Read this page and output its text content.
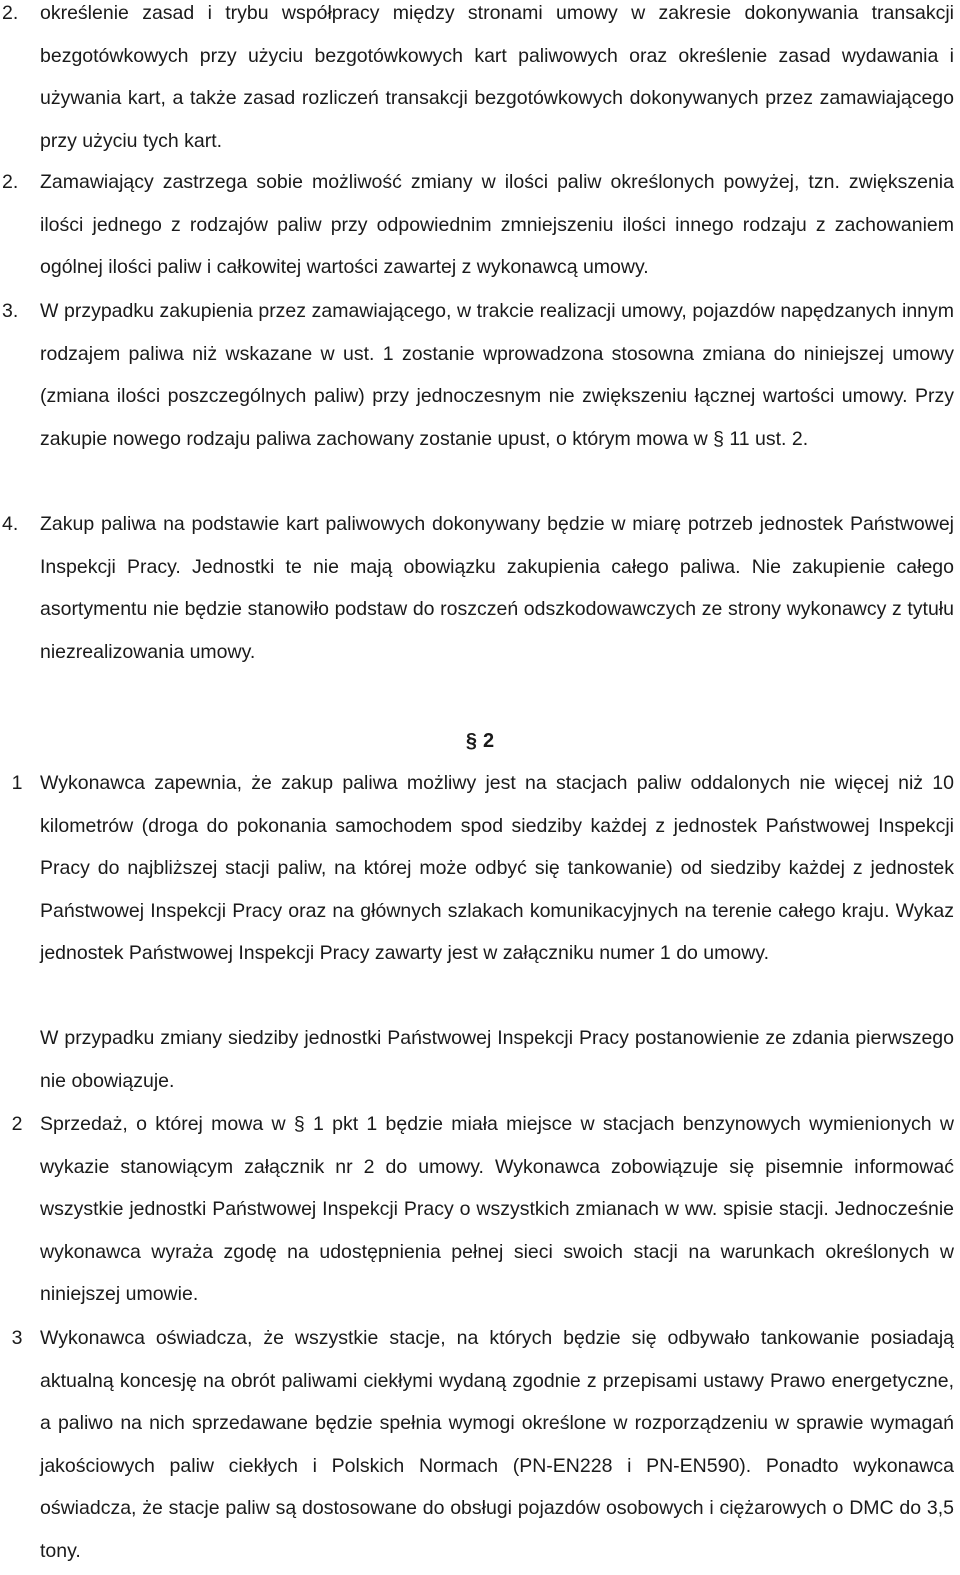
2.	określenie zasad i trybu współpracy między stronami umowy w zakresie dokonywania transakcji bezgotówkowych przy użyciu bezgotówkowych kart paliwowych oraz określenie zasad wydawania i używania kart, a także zasad rozliczeń transakcji bezgotówkowych dokonywanych przez zamawiającego przy użyciu tych kart.
2.	Zamawiający zastrzega sobie możliwość zmiany w ilości paliw określonych powyżej, tzn. zwiększenia ilości jednego z rodzajów paliw przy odpowiednim zmniejszeniu ilości innego rodzaju z zachowaniem ogólnej ilości paliw i całkowitej wartości zawartej z wykonawcą umowy.
3.	W przypadku zakupienia przez zamawiającego, w trakcie realizacji umowy, pojazdów napędzanych innym rodzajem paliwa niż wskazane w ust. 1 zostanie wprowadzona stosowna zmiana do niniejszej umowy (zmiana ilości poszczególnych paliw) przy jednoczesnym nie zwiększeniu łącznej wartości umowy. Przy zakupie nowego rodzaju paliwa zachowany zostanie upust, o którym mowa w § 11 ust. 2.
4.	Zakup paliwa na podstawie kart paliwowych dokonywany będzie w miarę potrzeb jednostek Państwowej Inspekcji Pracy. Jednostki te nie mają obowiązku zakupienia całego paliwa. Nie zakupienie całego asortymentu nie będzie stanowiło podstaw do roszczeń odszkodowawczych ze strony wykonawcy z tytułu niezrealizowania umowy.
§ 2
1 Wykonawca zapewnia, że zakup paliwa możliwy jest na stacjach paliw oddalonych nie więcej niż 10 kilometrów (droga do pokonania samochodem spod siedziby każdej z jednostek Państwowej Inspekcji Pracy do najbliższej stacji paliw, na której może odbyć się tankowanie) od siedziby każdej z jednostek Państwowej Inspekcji Pracy oraz na głównych szlakach komunikacyjnych na terenie całego kraju. Wykaz jednostek Państwowej Inspekcji Pracy zawarty jest w załączniku numer 1 do umowy.
W przypadku zmiany siedziby jednostki Państwowej Inspekcji Pracy postanowienie ze zdania pierwszego nie obowiązuje.
2 Sprzedaż, o której mowa w § 1 pkt 1 będzie miała miejsce w stacjach benzynowych wymienionych w wykazie stanowiącym załącznik nr 2 do umowy. Wykonawca zobowiązuje się pisemnie informować wszystkie jednostki Państwowej Inspekcji Pracy o wszystkich zmianach w ww. spisie stacji. Jednocześnie wykonawca wyraża zgodę na udostępnienia pełnej sieci swoich stacji na warunkach określonych w niniejszej umowie.
3 Wykonawca oświadcza, że wszystkie stacje, na których będzie się odbywało tankowanie posiadają aktualną koncesję na obrót paliwami ciekłymi wydaną zgodnie z przepisami ustawy Prawo energetyczne, a paliwo na nich sprzedawane będzie spełnia wymogi określone w rozporządzeniu w sprawie wymagań jakościowych paliw ciekłych i Polskich Normach (PN-EN228 i PN-EN590). Ponadto wykonawca oświadcza, że stacje paliw są dostosowane do obsługi pojazdów osobowych i ciężarowych o DMC do 3,5 tony.
